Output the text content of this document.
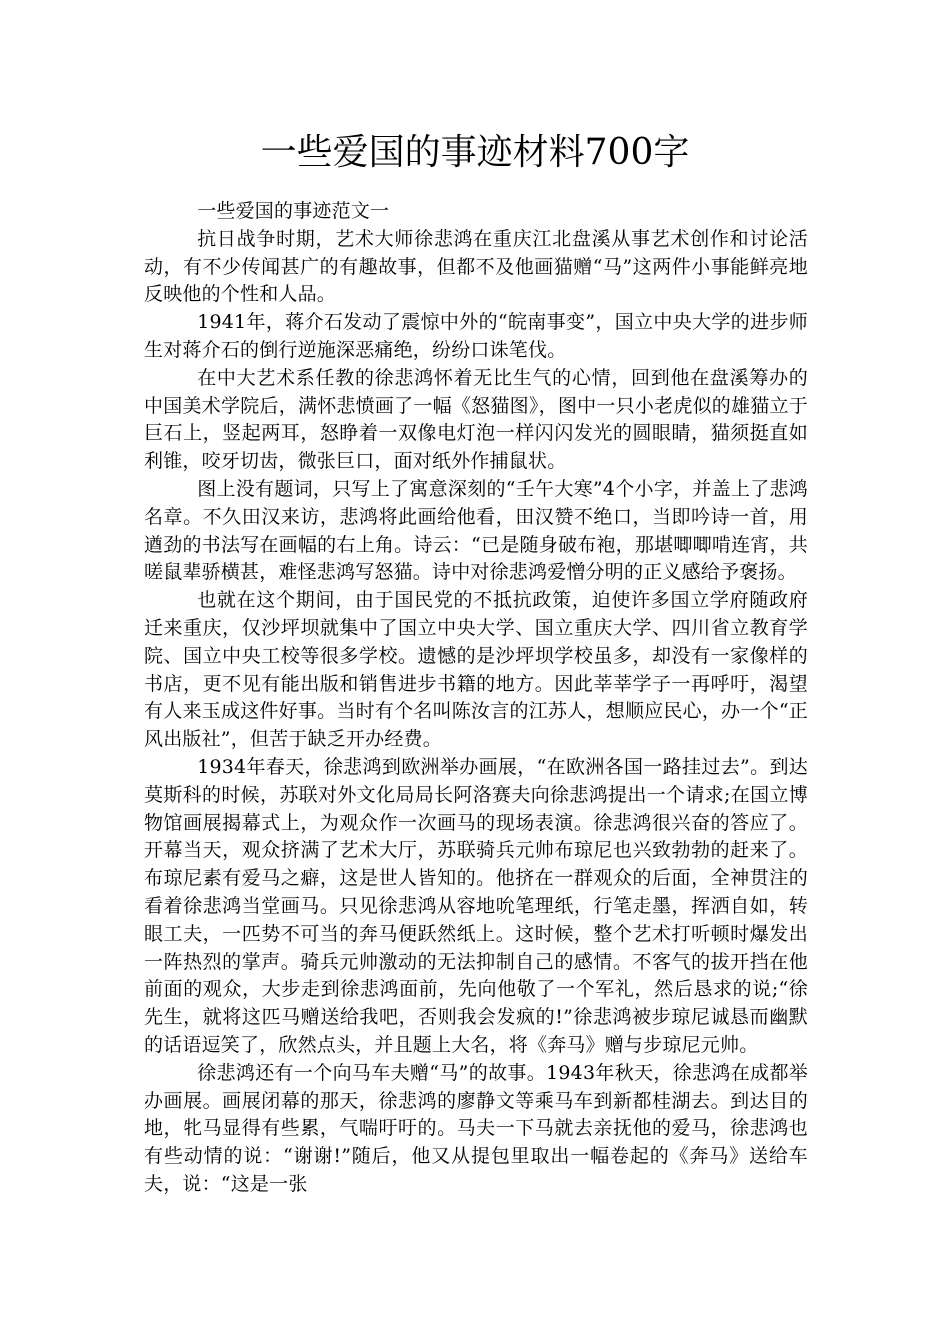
一些爱国的事迹材料700字

一些爱国的事迹范文一

抗日战争时期，艺术大师徐悲鸿在重庆江北盘溪从事艺术创作和讨论活动，有不少传闻甚广的有趣故事，但都不及他画猫赠“马”这两件小事能鲜亮地反映他的个性和人品。

1941年，蒋介石发动了震惊中外的“皖南事变”，国立中央大学的进步师生对蒋介石的倒行逆施深恶痛绝，纷纷口诛笔伐。

在中大艺术系任教的徐悲鸿怀着无比生气的心情，回到他在盘溪筹办的中国美术学院后，满怀悲愤画了一幅《怒猫图》，图中一只小老虎似的雄猫立于巨石上，竖起两耳，怒睁着一双像电灯泡一样闪闪发光的圆眼睛，猫须挺直如利锥，咬牙切齿，微张巨口，面对纸外作捕鼠状。

图上没有题词，只写上了寓意深刻的“壬午大寒”4个小字，并盖上了悲鸿名章。不久田汉来访，悲鸿将此画给他看，田汉赞不绝口，当即吟诗一首，用遒劲的书法写在画幅的右上角。诗云：“已是随身破布袍，那堪唧唧啃连宵，共嗟鼠辈骄横甚，难怪悲鸿写怒猫。诗中对徐悲鸿爱憎分明的正义感给予褒扬。

也就在这个期间，由于国民党的不抵抗政策，迫使许多国立学府随政府迁来重庆，仅沙坪坝就集中了国立中央大学、国立重庆大学、四川省立教育学院、国立中央工校等很多学校。遗憾的是沙坪坝学校虽多，却没有一家像样的书店，更不见有能出版和销售进步书籍的地方。因此莘莘学子一再呼吁，渴望有人来玉成这件好事。当时有个名叫陈汝言的江苏人，想顺应民心，办一个“正风出版社”，但苦于缺乏开办经费。

1934年春天，徐悲鸿到欧洲举办画展，“在欧洲各国一路挂过去”。到达莫斯科的时候，苏联对外文化局局长阿洛赛夫向徐悲鸿提出一个请求;在国立博物馆画展揭幕式上，为观众作一次画马的现场表演。徐悲鸿很兴奋的答应了。开幕当天，观众挤满了艺术大厅，苏联骑兵元帅布琼尼也兴致勃勃的赶来了。布琼尼素有爱马之癖，这是世人皆知的。他挤在一群观众的后面，全神贯注的看着徐悲鸿当堂画马。只见徐悲鸿从容地吮笔理纸，行笔走墨，挥洒自如，转眼工夫，一匹势不可当的奔马便跃然纸上。这时候，整个艺术打听顿时爆发出一阵热烈的掌声。骑兵元帅激动的无法抑制自己的感情。不客气的拔开挡在他前面的观众，大步走到徐悲鸿面前，先向他敬了一个军礼，然后恳求的说;“徐先生，就将这匹马赠送给我吧，否则我会发疯的!”徐悲鸿被步琼尼诚恳而幽默的话语逗笑了，欣然点头，并且题上大名，将《奔马》赠与步琼尼元帅。

徐悲鸿还有一个向马车夫赠“马”的故事。1943年秋天，徐悲鸿在成都举办画展。画展闭幕的那天，徐悲鸿的廖静文等乘马车到新都桂湖去。到达目的地，牝马显得有些累，气喘吁吁的。马夫一下马就去亲抚他的爱马，徐悲鸿也有些动情的说：“谢谢!”随后，他又从提包里取出一幅卷起的《奔马》送给车夫，说：“这是一张
